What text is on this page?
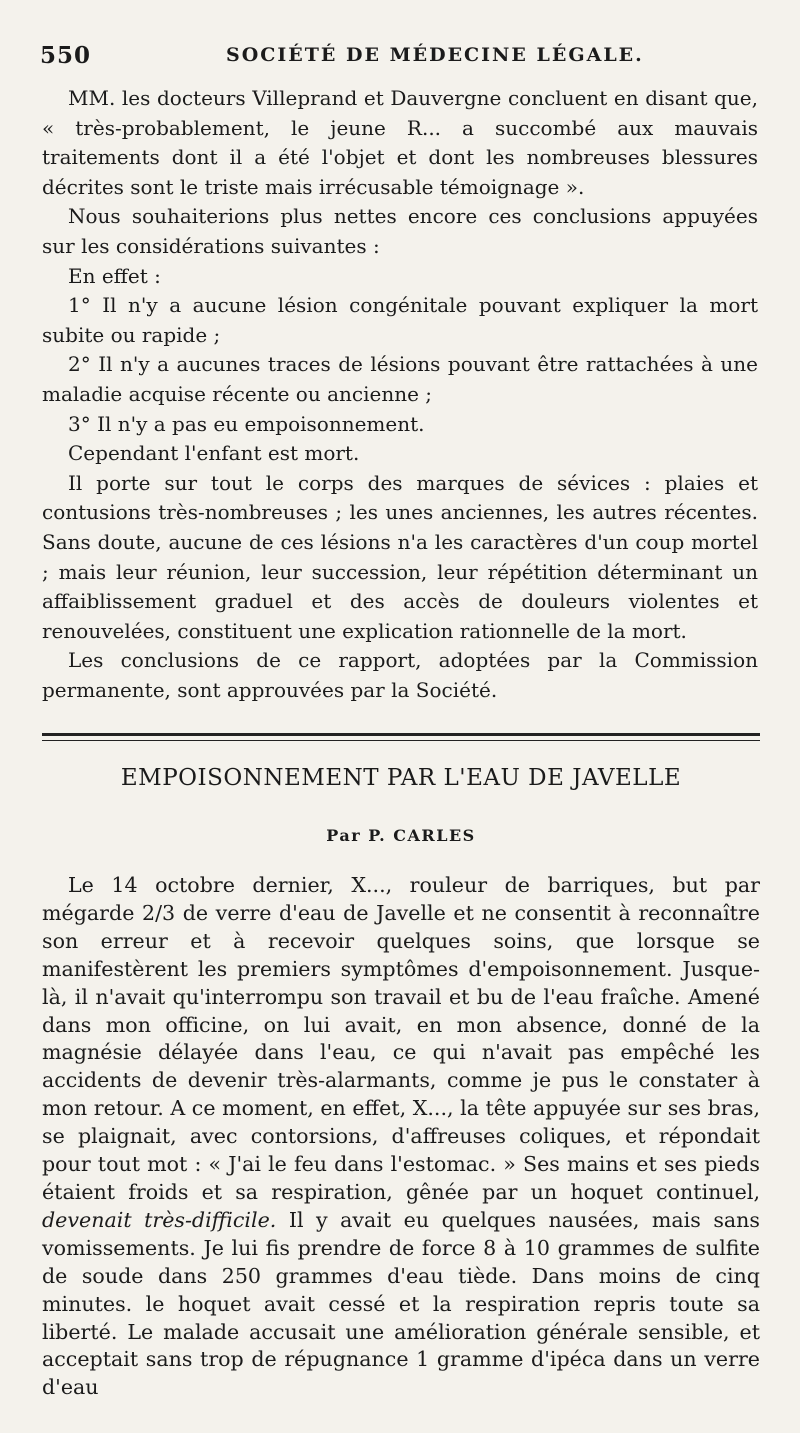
550	SOCIÉTÉ DE MÉDECINE LÉGALE.

MM. les docteurs Villeprand et Dauvergne concluent en disant que, « très-probablement, le jeune R... a succombé aux mauvais traitements dont il a été l'objet et dont les nombreuses blessures décrites sont le triste mais irrécusable témoignage ».

Nous souhaiterions plus nettes encore ces conclusions appuyées sur les considérations suivantes :

En effet :

1° Il n'y a aucune lésion congénitale pouvant expliquer la mort subite ou rapide ;

2° Il n'y a aucunes traces de lésions pouvant être rattachées à une maladie acquise récente ou ancienne ;

3° Il n'y a pas eu empoisonnement.

Cependant l'enfant est mort.

Il porte sur tout le corps des marques de sévices : plaies et contusions très-nombreuses ; les unes anciennes, les autres récentes. Sans doute, aucune de ces lésions n'a les caractères d'un coup mortel ; mais leur réunion, leur succession, leur répétition déterminant un affaiblissement graduel et des accès de douleurs violentes et renouvelées, constituent une explication rationnelle de la mort.

Les conclusions de ce rapport, adoptées par la Commission permanente, sont approuvées par la Société.

EMPOISONNEMENT PAR L'EAU DE JAVELLE
Par P. CARLES

Le 14 octobre dernier, X..., rouleur de barriques, but par mégarde 2/3 de verre d'eau de Javelle et ne consentit à reconnaître son erreur et à recevoir quelques soins, que lorsque se manifestèrent les premiers symptômes d'empoisonnement. Jusque-là, il n'avait qu'interrompu son travail et bu de l'eau fraîche. Amené dans mon officine, on lui avait, en mon absence, donné de la magnésie délayée dans l'eau, ce qui n'avait pas empêché les accidents de devenir très-alarmants, comme je pus le constater à mon retour. A ce moment, en effet, X..., la tête appuyée sur ses bras, se plaignait, avec contorsions, d'affreuses coliques, et répondait pour tout mot : « J'ai le feu dans l'estomac. » Ses mains et ses pieds étaient froids et sa respiration, gênée par un hoquet continuel, devenait très-difficile. Il y avait eu quelques nausées, mais sans vomissements. Je lui fis prendre de force 8 à 10 grammes de sulfite de soude dans 250 grammes d'eau tiède. Dans moins de cinq minutes. le hoquet avait cessé et la respiration repris toute sa liberté. Le malade accusait une amélioration générale sensible, et acceptait sans trop de répugnance 1 gramme d'ipéca dans un verre d'eau
